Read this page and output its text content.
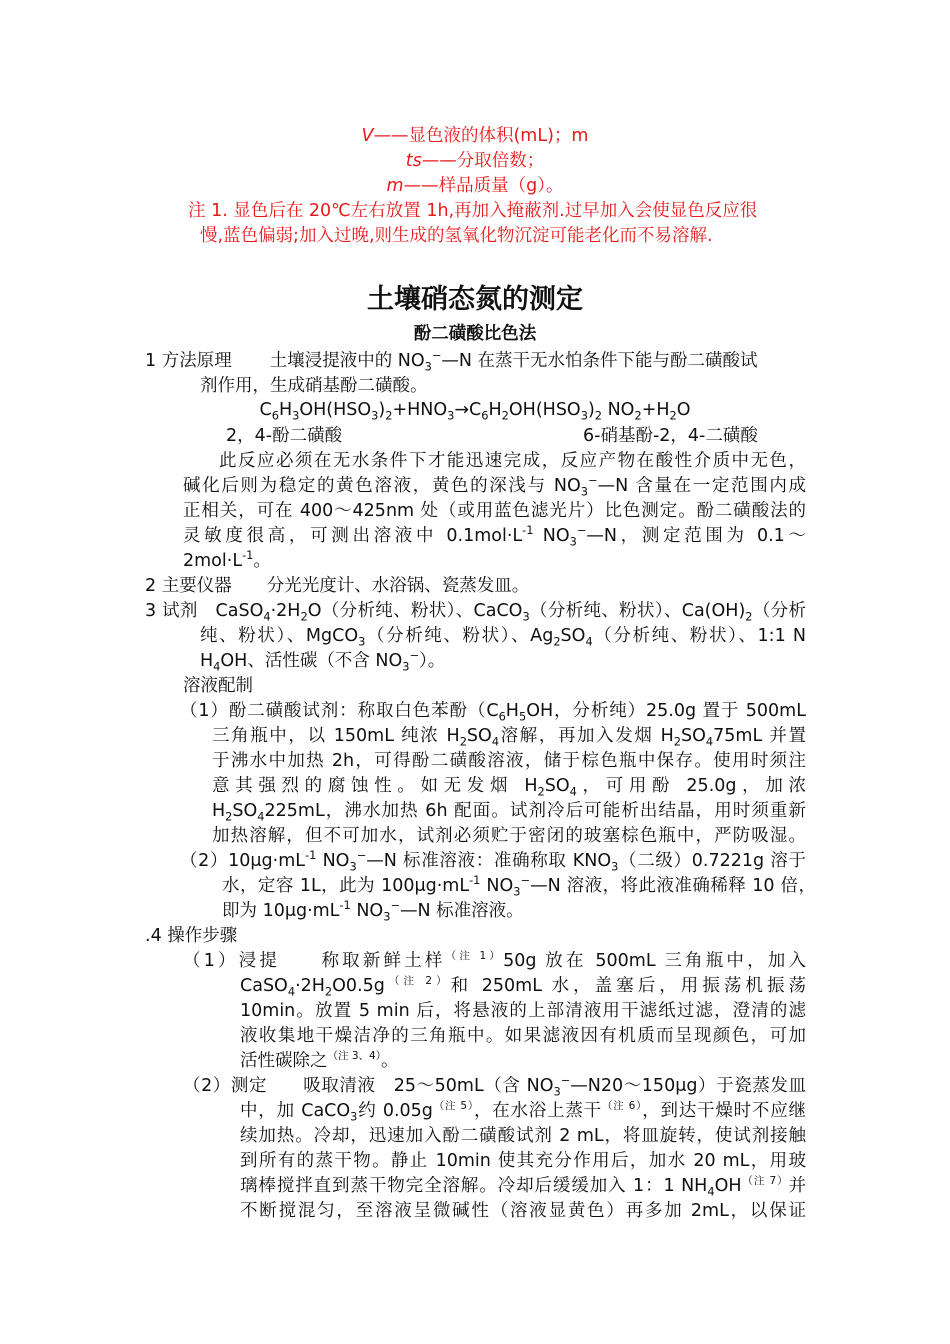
V——显色液的体积(mL)；m
ts——分取倍数；
m——样品质量（g）。
注 1. 显色后在 20℃左右放置 1h,再加入掩蔽剂.过早加入会使显色反应很
慢,蓝色偏弱;加入过晚,则生成的氢氧化物沉淀可能老化而不易溶解.
土壤硝态氮的测定
酚二磺酸比色法
1 方法原理 土壤浸提液中的 $NO_3^-—N$ 在蒸干无水怕条件下能与酚二磺酸试
剂作用，生成硝基酚二磺酸。
$C_6H_3OH(HSO_3)_2+HNO_3\to C_6H_2OH(HSO_3)_2$ $NO_2+H_2O$
2，4-酚二磺酸	6-硝基酚-2，4-二磺酸
此反应必须在无水条件下才能迅速完成，反应产物在酸性介质中无色，
碱化后则为稳定的黄色溶液，黄色的深浅与 $NO_3^-—N$ 含量在一定范围内成
正相关，可在 400～425nm 处（或用蓝色滤光片）比色测定。酚二磺酸法的
灵敏度很高，可测出溶液中 $0.1mol\cdot L^{-1}$ $NO_3^-—N$，测定范围为 0.1～
$2mol\cdot L^{-1}$。
2 主要仪器　　分光光度计、水浴锅、瓷蒸发皿。
3 试剂　$CaSO_4\cdot 2H_2O$（分析纯、粉状）、CaCO$_3$（分析纯、粉状）、$Ca(OH)_2$（分析
纯、粉状）、MgCO$_3$（分析纯、粉状）、$Ag_2SO_4$（分析纯、粉状）、1:1 N
$H_4OH$、活性碳（不含 $NO_3^-$）。
溶液配制
（1）酚二磺酸试剂：称取白色苯酚（$C_6H_5OH$，分析纯）25.0g 置于 500mL
三角瓶中，以 150mL 纯浓 $H_2SO_4$溶解，再加入发烟 $H_2SO_475mL$ 并置
于沸水中加热 2h，可得酚二磺酸溶液，储于棕色瓶中保存。使用时须注
意其强烈的腐蚀性。如无发烟 $H_2SO_4$，可用酚 25.0g，加浓
$H_2SO_4225mL$，沸水加热 6h 配面。试剂冷后可能析出结晶，用时须重新
加热溶解，但不可加水，试剂必须贮于密闭的玻塞棕色瓶中，严防吸湿。
$(2)10\mu g\cdot mL^{-1}$ $NO_3^-—N$ 标准溶液：准确称取 $KNO_3$（二级）0.7221g 溶于
水，定容 1L，此为 $100\mu g\cdot mL^{-1}$ $NO_3^-—N$ 溶液，将此液准确稀释 10 倍，
即为 $10\mu g\cdot mL^{-1}$ $NO_3^-—N$ 标准溶液。
.4 操作步骤
（1）浸提　　称取新鲜土样$^{(注 1)}$50g 放在 500mL 三角瓶中，加入
$CaSO_4\cdot 2H_2O0.5g^{(注 2)}$和 250mL 水，盖塞后，用振荡机振荡
10min。放置 5 min 后，将悬液的上部清液用干滤纸过滤，澄清的滤
液收集地干燥洁净的三角瓶中。如果滤液因有机质而呈现颜色，可加
活性碳除之$^{(注 3、4)}$。
（2）测定　　吸取清液　25～50mL（含 $NO_3^-—N20\sim 150\mu g$）于瓷蒸发皿
中，加 CaCO$_3$约 0.05g$^{(注 5)}$，在水浴上蒸干$^{(注 6)}$，到达干燥时不应继
续加热。冷却，迅速加入酚二磺酸试剂 2 mL，将皿旋转，使试剂接触
到所有的蒸干物。静止 10min 使其充分作用后，加水 20 mL，用玻
璃棒搅拌直到蒸干物完全溶解。冷却后缓缓加入 1：1 $NH_4OH^{(注 7)}$并
不断搅混匀，至溶液呈微碱性（溶液显黄色）再多加 2mL，以保证
